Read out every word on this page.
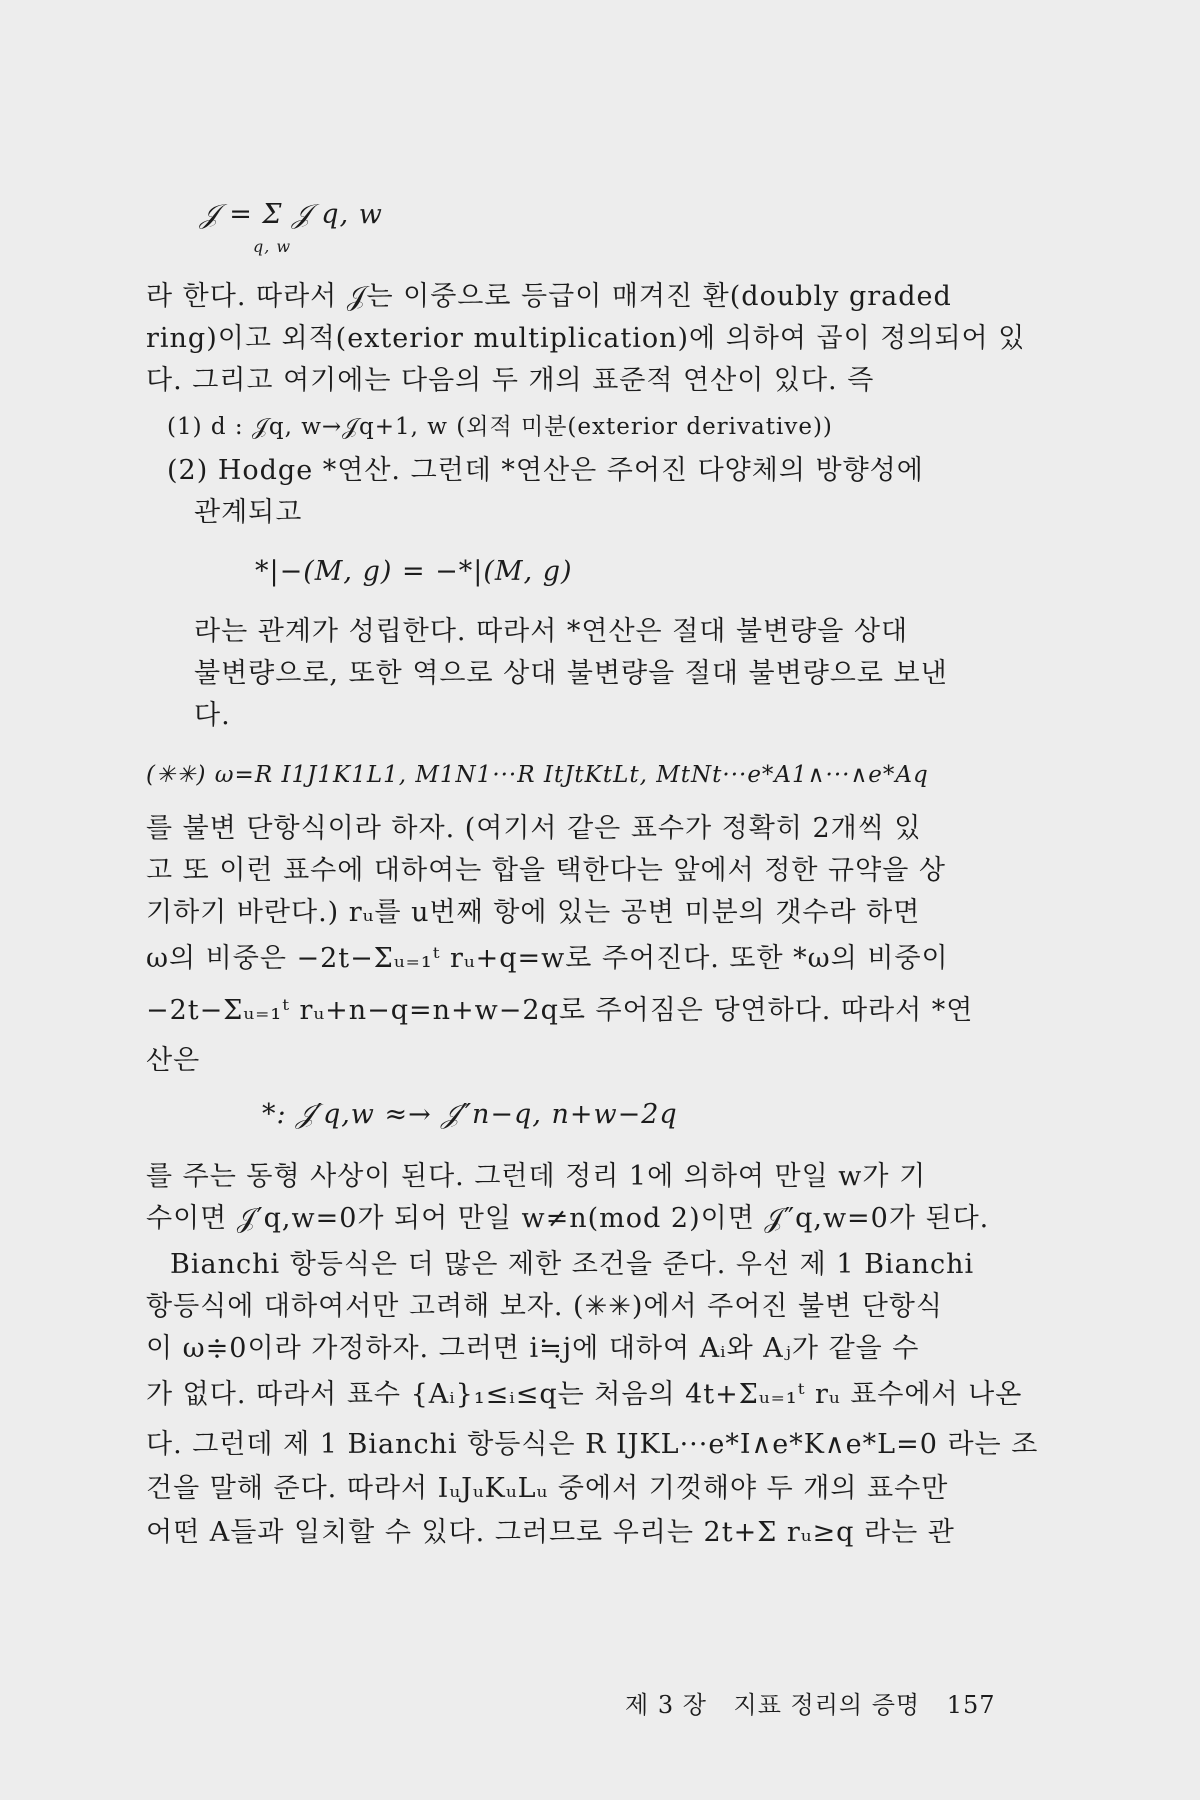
𝒥 = Σ 𝒥 q, w
q, w
라 한다. 따라서 𝒥는 이중으로 등급이 매겨진 환(doubly graded
ring)이고 외적(exterior multiplication)에 의하여 곱이 정의되어 있
다. 그리고 여기에는 다음의 두 개의 표준적 연산이 있다. 즉
(1) d : 𝒥q, w→𝒥q+1, w (외적 미분(exterior derivative))
(2) Hodge *연산. 그런데 *연산은 주어진 다양체의 방향성에
관계되고
*|−(M, g) = −*|(M, g)
라는 관계가 성립한다. 따라서 *연산은 절대 불변량을 상대
불변량으로, 또한 역으로 상대 불변량을 절대 불변량으로 보낸
다.
(✳✳) ω=R I1J1K1L1, M1N1···R ItJtKtLt, MtNt···e*A1∧···∧e*Aq
를 불변 단항식이라 하자. (여기서 같은 표수가 정확히 2개씩 있
고 또 이런 표수에 대하여는 합을 택한다는 앞에서 정한 규약을 상
기하기 바란다.) rᵤ를 u번째 항에 있는 공변 미분의 갯수라 하면
ω의 비중은 −2t−Σᵤ₌₁ᵗ rᵤ+q=w로 주어진다. 또한 *ω의 비중이
−2t−Σᵤ₌₁ᵗ rᵤ+n−q=n+w−2q로 주어짐은 당연하다. 따라서 *연
산은
*: 𝒥′q,w ≈→ 𝒥″n−q, n+w−2q
를 주는 동형 사상이 된다. 그런데 정리 1에 의하여 만일 w가 기
수이면 𝒥′q,w=0가 되어 만일 w≠n(mod 2)이면 𝒥″q,w=0가 된다.
Bianchi 항등식은 더 많은 제한 조건을 준다. 우선 제 1 Bianchi
항등식에 대하여서만 고려해 보자. (✳✳)에서 주어진 불변 단항식
이 ω≑0이라 가정하자. 그러면 i≒j에 대하여 Aᵢ와 Aⱼ가 같을 수
가 없다. 따라서 표수 {Aᵢ}₁≤ᵢ≤q는 처음의 4t+Σᵤ₌₁ᵗ rᵤ 표수에서 나온
다. 그런데 제 1 Bianchi 항등식은 R IJKL···e*I∧e*K∧e*L=0 라는 조
건을 말해 준다. 따라서 IᵤJᵤKᵤLᵤ 중에서 기껏해야 두 개의 표수만
어떤 A들과 일치할 수 있다. 그러므로 우리는 2t+Σ rᵤ≥q 라는 관
제 3 장 지표 정리의 증명 157
